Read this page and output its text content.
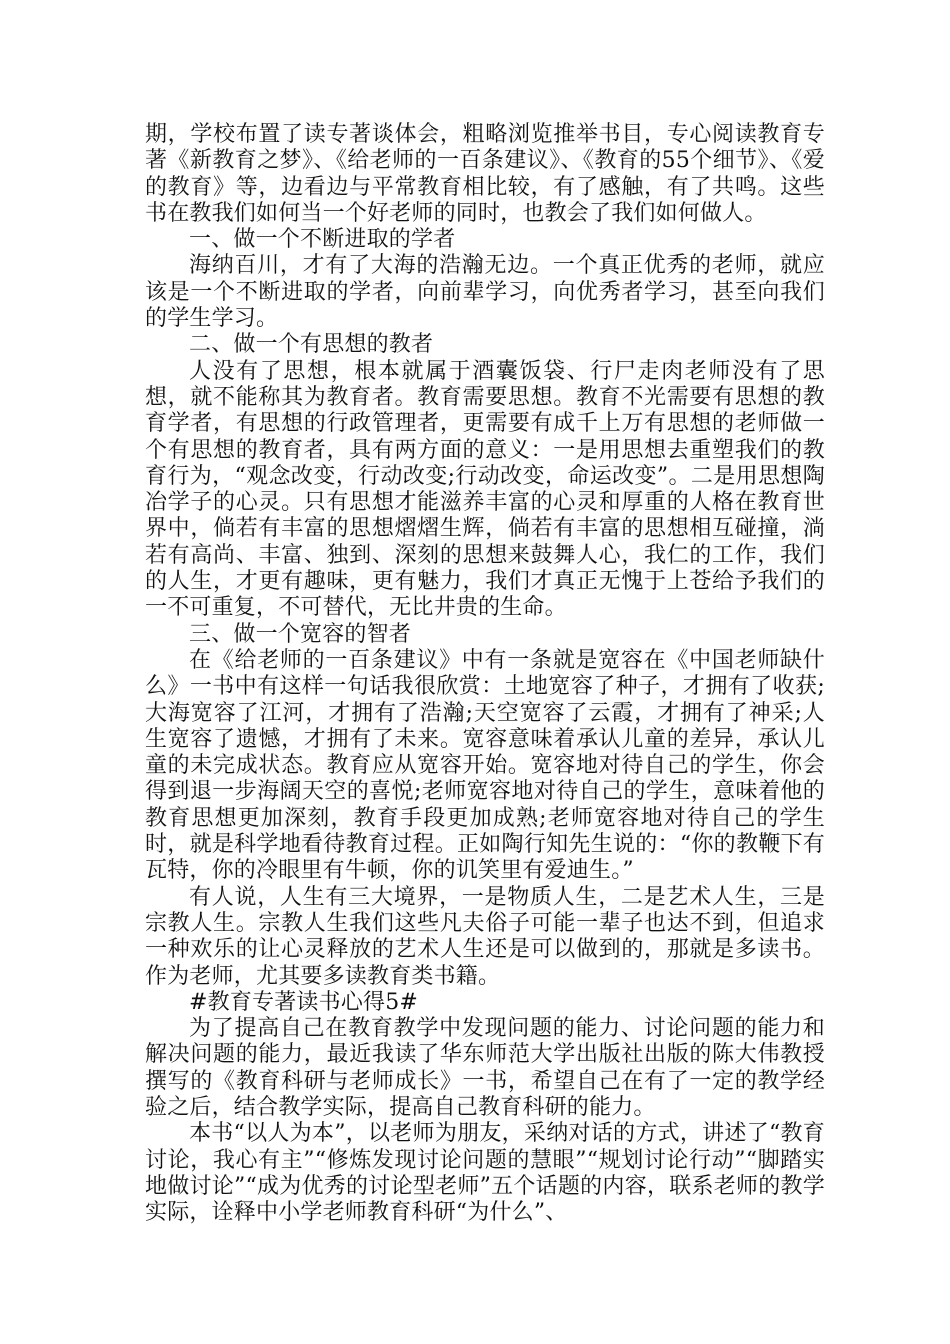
期，学校布置了读专著谈体会，粗略浏览推举书目，专心阅读教育专著《新教育之梦》、《给老师的一百条建议》、《教育的55个细节》、《爱的教育》等，边看边与平常教育相比较，有了感触，有了共鸣。这些书在教我们如何当一个好老师的同时，也教会了我们如何做人。

一、做一个不断进取的学者

海纳百川，才有了大海的浩瀚无边。一个真正优秀的老师，就应该是一个不断进取的学者，向前辈学习，向优秀者学习，甚至向我们的学生学习。

二、做一个有思想的教者

人没有了思想，根本就属于酒囊饭袋、行尸走肉老师没有了思想，就不能称其为教育者。教育需要思想。教育不光需要有思想的教育学者，有思想的行政管理者，更需要有成千上万有思想的老师做一个有思想的教育者，具有两方面的意义：一是用思想去重塑我们的教育行为，“观念改变，行动改变;行动改变，命运改变”。二是用思想陶冶学子的心灵。只有思想才能滋养丰富的心灵和厚重的人格在教育世界中，倘若有丰富的思想熠熠生辉，倘若有丰富的思想相互碰撞，淌若有高尚、丰富、独到、深刻的思想来鼓舞人心，我仁的工作，我们的人生，才更有趣味，更有魅力，我们才真正无愧于上苍给予我们的一不可重复，不可替代，无比井贵的生命。

三、做一个宽容的智者

在《给老师的一百条建议》中有一条就是宽容在《中国老师缺什么》一书中有这样一句话我很欣赏：土地宽容了种子，才拥有了收获;大海宽容了江河，才拥有了浩瀚;天空宽容了云霞，才拥有了神采;人生宽容了遗憾，才拥有了未来。宽容意味着承认儿童的差异，承认儿童的未完成状态。教育应从宽容开始。宽容地对待自己的学生，你会得到退一步海阔天空的喜悦;老师宽容地对待自己的学生，意味着他的教育思想更加深刻，教育手段更加成熟;老师宽容地对待自己的学生时，就是科学地看待教育过程。正如陶行知先生说的：“你的教鞭下有瓦特，你的冷眼里有牛顿，你的讥笑里有爱迪生。”

有人说，人生有三大境界，一是物质人生，二是艺术人生，三是宗教人生。宗教人生我们这些凡夫俗子可能一辈子也达不到，但追求一种欢乐的让心灵释放的艺术人生还是可以做到的，那就是多读书。作为老师，尤其要多读教育类书籍。

#教育专著读书心得5#

为了提高自己在教育教学中发现问题的能力、讨论问题的能力和解决问题的能力，最近我读了华东师范大学出版社出版的陈大伟教授撰写的《教育科研与老师成长》一书，希望自己在有了一定的教学经验之后，结合教学实际，提高自己教育科研的能力。

本书“以人为本”，以老师为朋友，采纳对话的方式，讲述了“教育讨论，我心有主”“修炼发现讨论问题的慧眼”“规划讨论行动”“脚踏实地做讨论”“成为优秀的讨论型老师”五个话题的内容，联系老师的教学实际，诠释中小学老师教育科研“为什么”、
